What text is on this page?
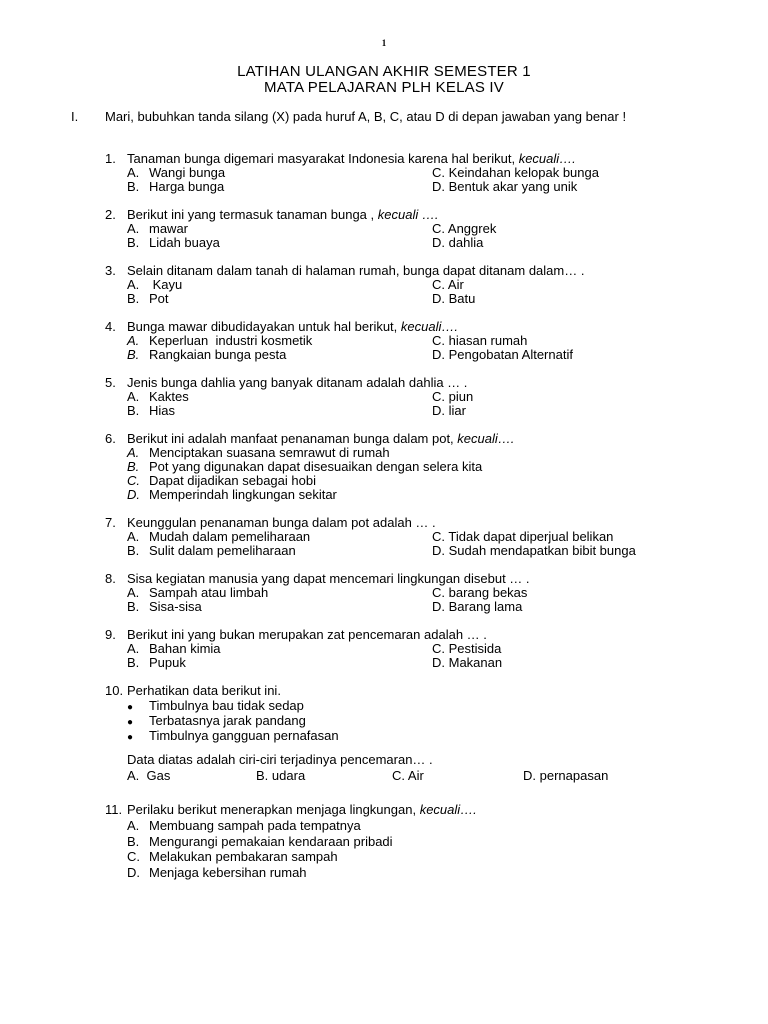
1
LATIHAN ULANGAN AKHIR SEMESTER 1
MATA PELAJARAN PLH KELAS IV
I. Mari, bubuhkan tanda silang (X) pada huruf A, B, C, atau D di depan jawaban yang benar !
1. Tanaman bunga digemari masyarakat Indonesia karena hal berikut, kecuali….
A. Wangi bunga	C. Keindahan kelopak bunga
B. Harga bunga	D. Bentuk akar yang unik
2. Berikut ini yang termasuk tanaman bunga , kecuali ….
A. mawar	C. Anggrek
B. Lidah buaya	D. dahlia
3. Selain ditanam dalam tanah di halaman rumah, bunga dapat ditanam dalam… .
A. Kayu	C. Air
B. Pot	D. Batu
4. Bunga mawar dibudidayakan untuk hal berikut, kecuali….
A. Keperluan  industri kosmetik	C. hiasan rumah
B. Rangkaian bunga pesta	D. Pengobatan Alternatif
5. Jenis bunga dahlia yang banyak ditanam adalah dahlia … .
A. Kaktes	C. piun
B. Hias	D. liar
6. Berikut ini adalah manfaat penanaman bunga dalam pot, kecuali….
A. Menciptakan suasana semrawut di rumah
B. Pot yang digunakan dapat disesuaikan dengan selera kita
C. Dapat dijadikan sebagai hobi
D. Memperindah lingkungan sekitar
7. Keunggulan penanaman bunga dalam pot adalah … .
A. Mudah dalam pemeliharaan	C. Tidak dapat diperjual belikan
B. Sulit dalam pemeliharaan	D. Sudah mendapatkan bibit bunga
8. Sisa kegiatan manusia yang dapat mencemari lingkungan disebut … .
A. Sampah atau limbah	C. barang bekas
B. Sisa-sisa	D. Barang lama
9. Berikut ini yang bukan merupakan zat pencemaran adalah … .
A. Bahan kimia	C. Pestisida
B. Pupuk	D. Makanan
10. Perhatikan data berikut ini.
● Timbulnya bau tidak sedap
● Terbatasnya jarak pandang
● Timbulnya gangguan pernafasan
Data diatas adalah ciri-ciri terjadinya pencemaran… .
A. Gas	B. udara	C. Air	D. pernapasan
11. Perilaku berikut menerapkan menjaga lingkungan, kecuali….
A. Membuang sampah pada tempatnya
B. Mengurangi pemakaian kendaraan pribadi
C. Melakukan pembakaran sampah
D. Menjaga kebersihan rumah
